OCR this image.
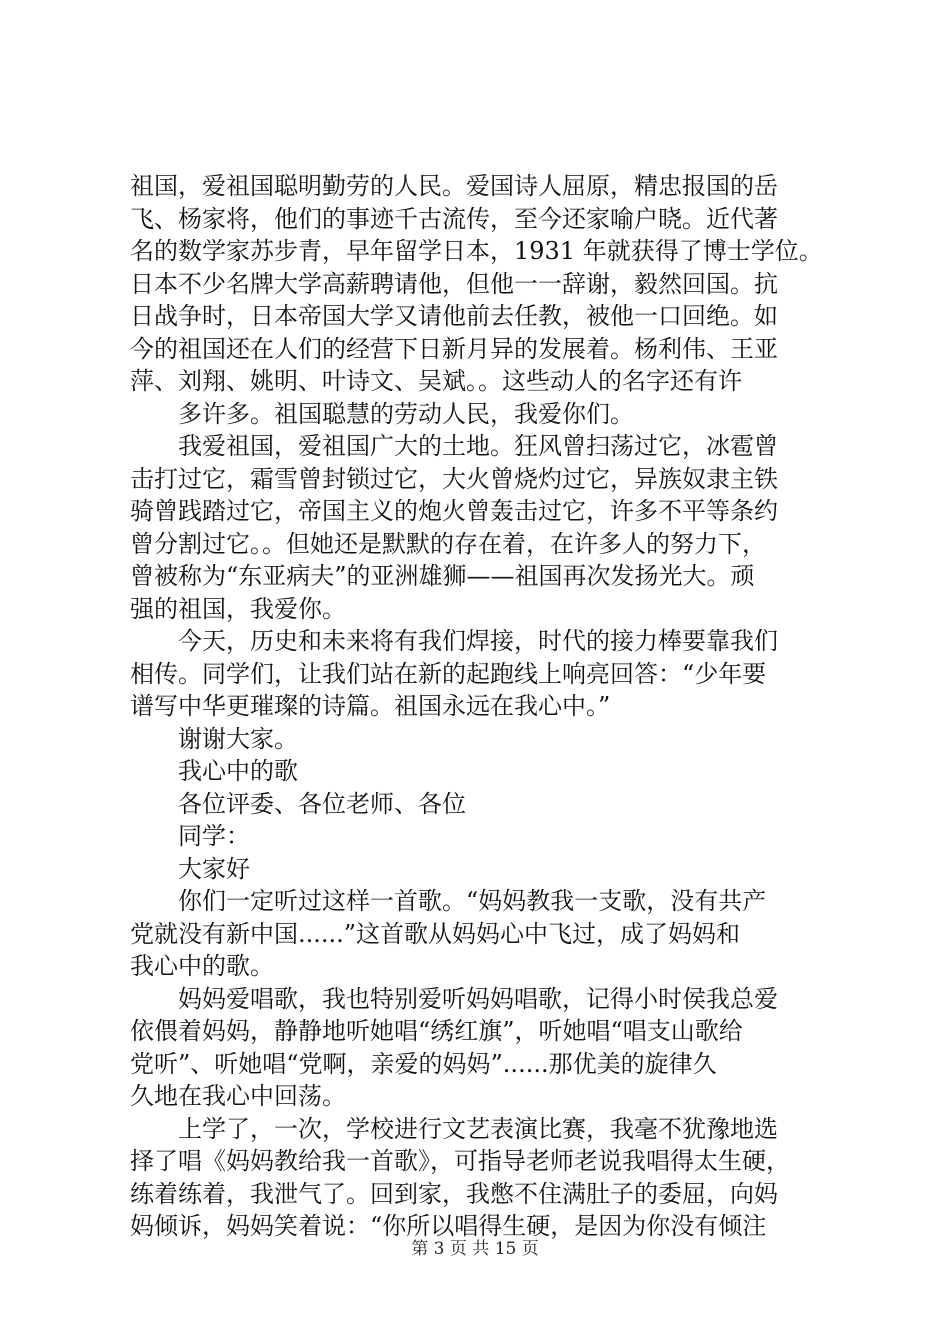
祖国，爱祖国聪明勤劳的人民。爱国诗人屈原，精忠报国的岳
飞、杨家将，他们的事迹千古流传，至今还家喻户晓。近代著
名的数学家苏步青，早年留学日本，1931 年就获得了博士学位。
日本不少名牌大学高薪聘请他，但他一一辞谢，毅然回国。抗
日战争时，日本帝国大学又请他前去任教，被他一口回绝。如
今的祖国还在人们的经营下日新月异的发展着。杨利伟、王亚
萍、刘翔、姚明、叶诗文、吴斌。。这些动人的名字还有许
多许多。祖国聪慧的劳动人民，我爱你们。
我爱祖国，爱祖国广大的土地。狂风曾扫荡过它，冰雹曾
击打过它，霜雪曾封锁过它，大火曾烧灼过它，异族奴隶主铁
骑曾践踏过它，帝国主义的炮火曾轰击过它，许多不平等条约
曾分割过它。。但她还是默默的存在着，在许多人的努力下，
曾被称为“东亚病夫”的亚洲雄狮——祖国再次发扬光大。顽
强的祖国，我爱你。
今天，历史和未来将有我们焊接，时代的接力棒要靠我们
相传。同学们，让我们站在新的起跑线上响亮回答：“少年要
谱写中华更璀璨的诗篇。祖国永远在我心中。”
谢谢大家。
我心中的歌
各位评委、各位老师、各位
同学：
大家好
你们一定听过这样一首歌。“妈妈教我一支歌，没有共产
党就没有新中国......”这首歌从妈妈心中飞过，成了妈妈和
我心中的歌。
妈妈爱唱歌，我也特别爱听妈妈唱歌，记得小时侯我总爱
依偎着妈妈，静静地听她唱“绣红旗”，听她唱“唱支山歌给
党听”、听她唱“党啊，亲爱的妈妈”......那优美的旋律久
久地在我心中回荡。
上学了，一次，学校进行文艺表演比赛，我毫不犹豫地选
择了唱《妈妈教给我一首歌》，可指导老师老说我唱得太生硬，
练着练着，我泄气了。回到家，我憋不住满肚子的委屈，向妈
妈倾诉，妈妈笑着说：“你所以唱得生硬，是因为你没有倾注
第 3 页 共 15 页
